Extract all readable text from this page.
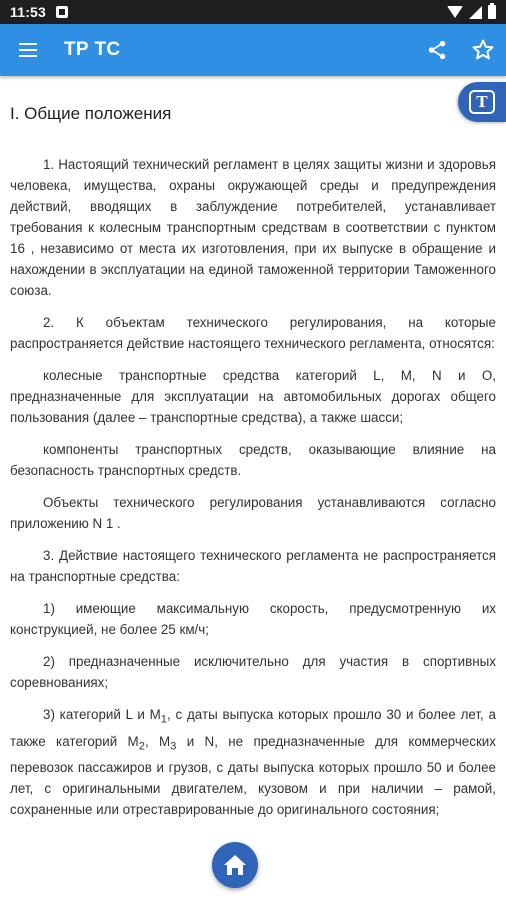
11:53
ТР ТС
I. Общие положения

1. Настоящий технический регламент в целях защиты жизни и здоровья человека, имущества, охраны окружающей среды и предупреждения действий, вводящих в заблуждение потребителей, устанавливает требования к колесным транспортным средствам в соответствии с пунктом 16 , независимо от места их изготовления, при их выпуске в обращение и нахождении в эксплуатации на единой таможенной территории Таможенного союза.

2. К объектам технического регулирования, на которые распространяется действие настоящего технического регламента, относятся:

колесные транспортные средства категорий L, M, N и O, предназначенные для эксплуатации на автомобильных дорогах общего пользования (далее – транспортные средства), а также шасси;

компоненты транспортных средств, оказывающие влияние на безопасность транспортных средств.

Объекты технического регулирования устанавливаются согласно приложению N 1 .

3. Действие настоящего технического регламента не распространяется на транспортные средства:

1) имеющие максимальную скорость, предусмотренную их конструкцией, не более 25 км/ч;

2) предназначенные исключительно для участия в спортивных соревнованиях;

3) категорий L и $M_1$, с даты выпуска которых прошло 30 и более лет, а также категорий $M_2$, $M_3$ и N, не предназначенные для коммерческих перевозок пассажиров и грузов, с даты выпуска которых прошло 50 и более лет, с оригинальными двигателем, кузовом и при наличии – рамой, сохраненные или отреставрированные до оригинального состояния;

T
